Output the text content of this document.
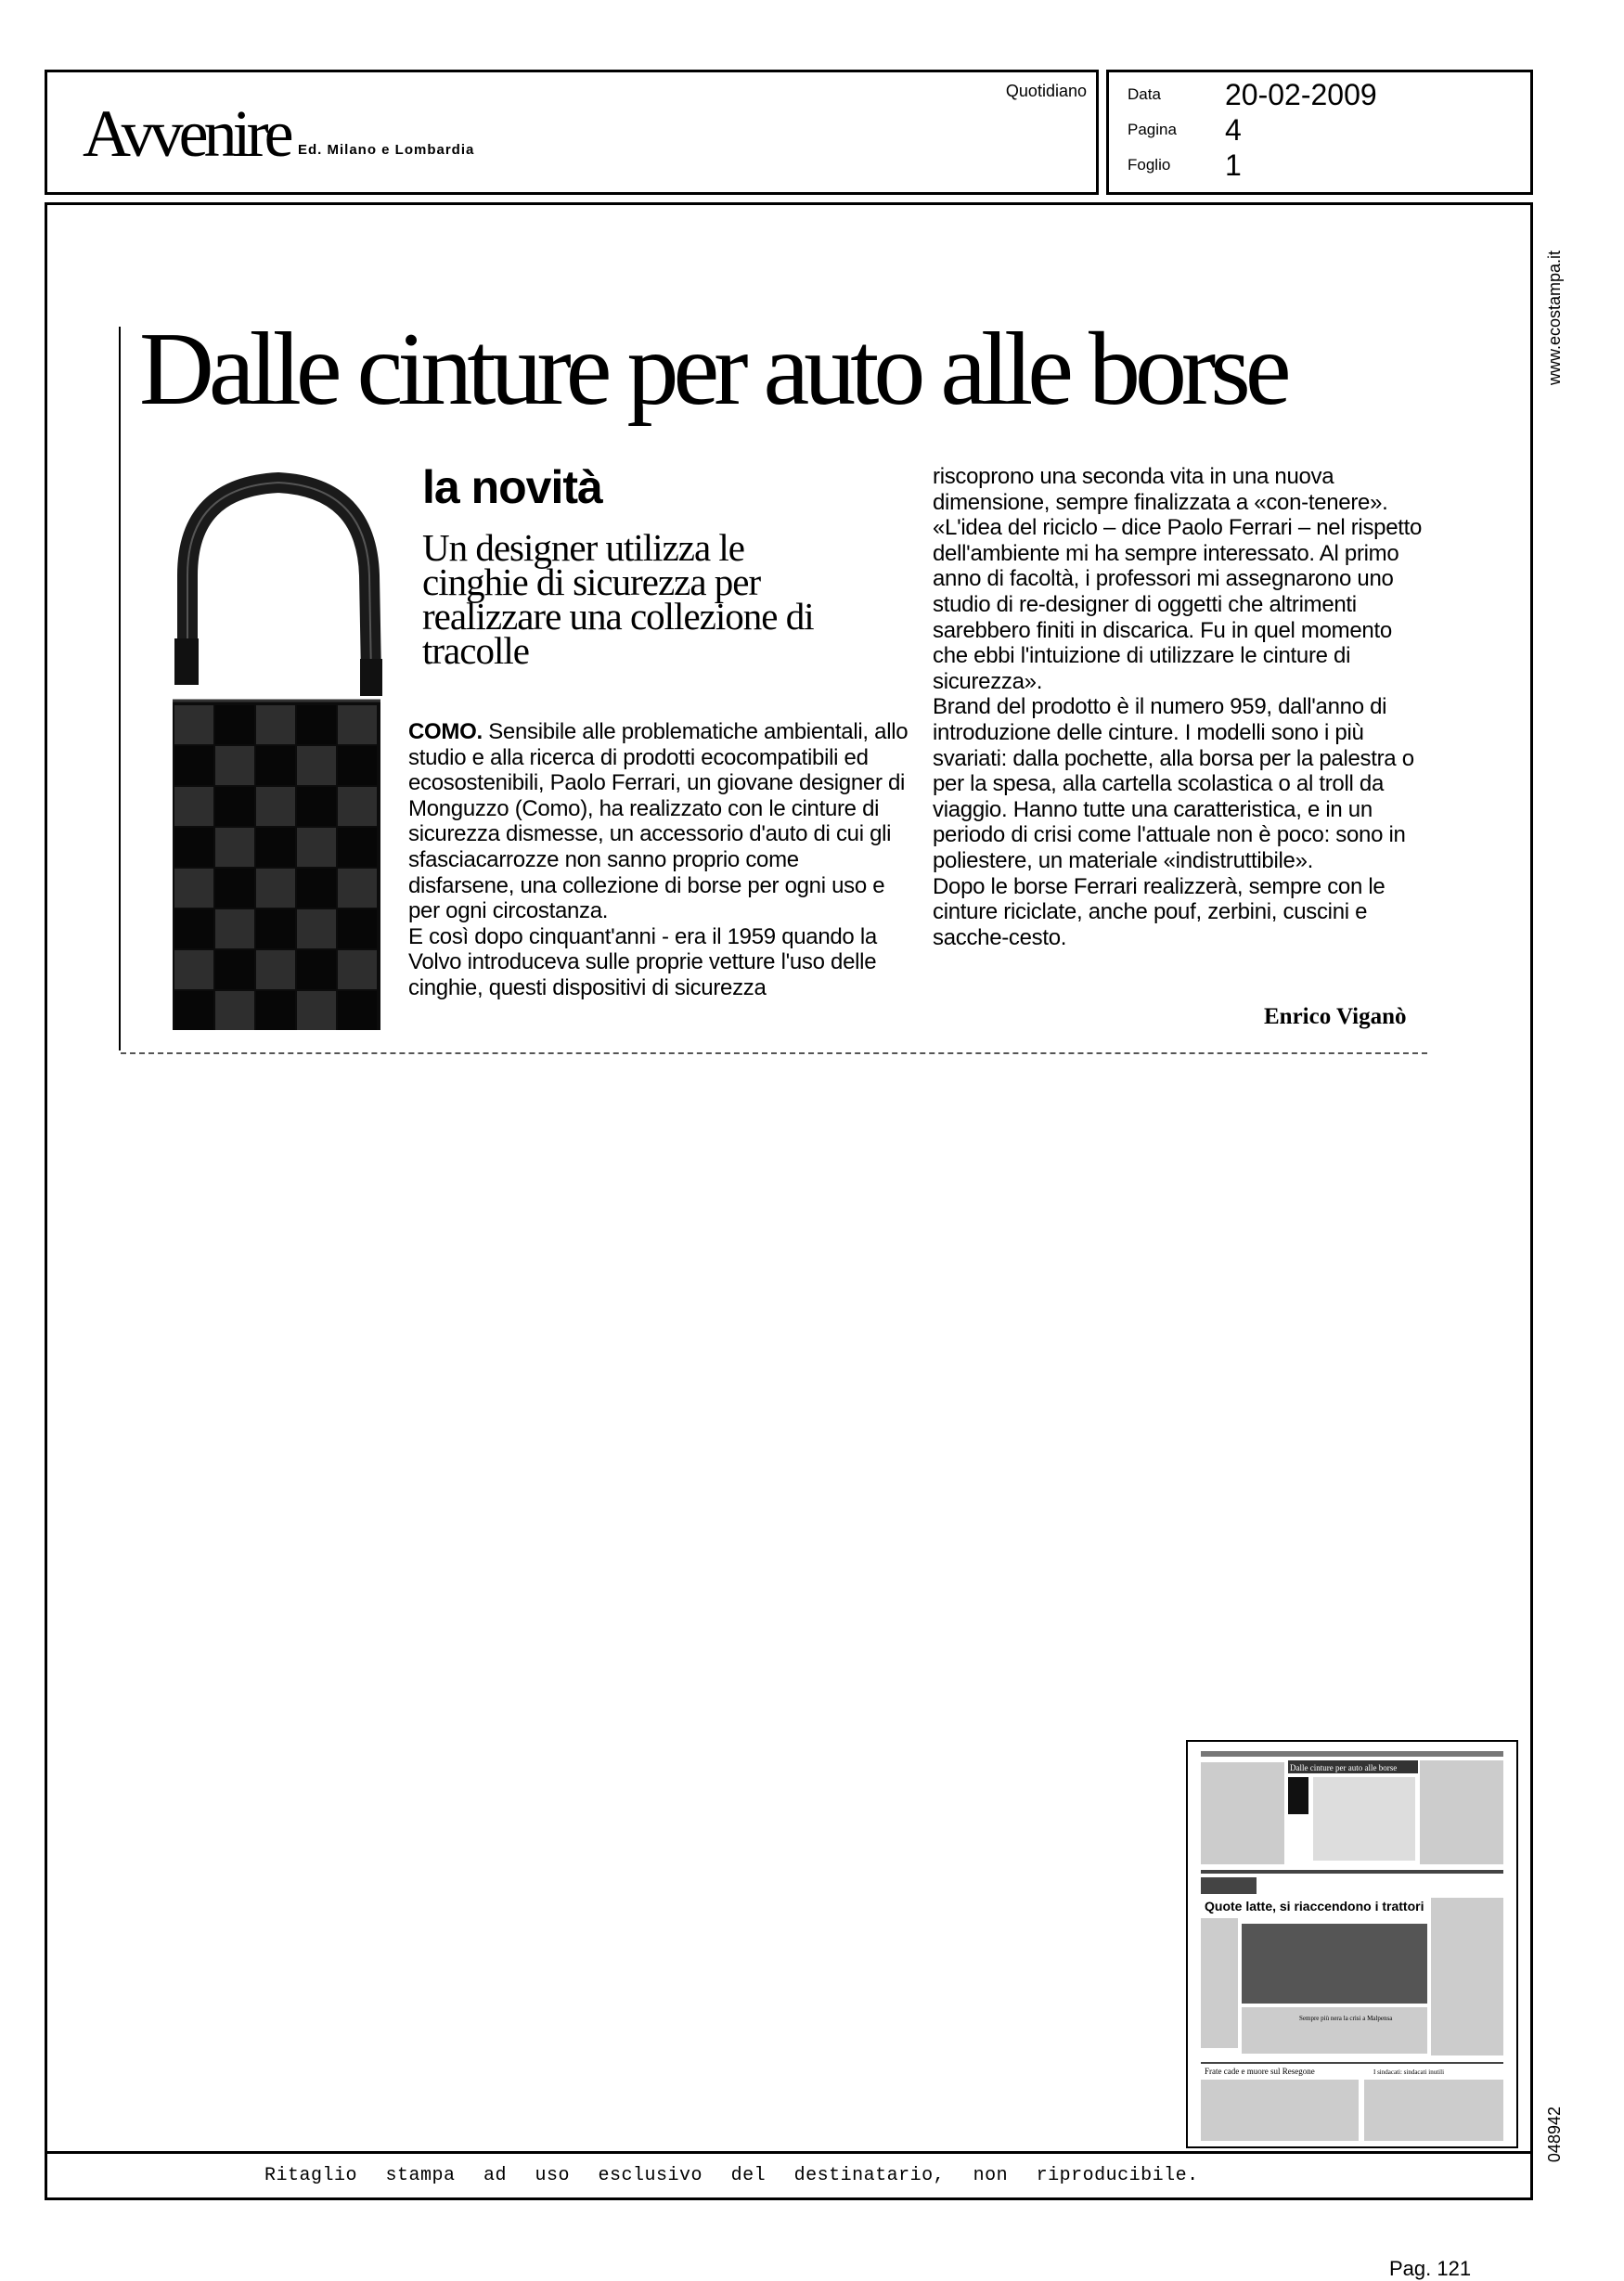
Avvenire Ed. Milano e Lombardia
Quotidiano	Data 20-02-2009
Pagina 4
Foglio 1
www.ecostampa.it
048942
Dalle cinture per auto alle borse
la novità
Un designer utilizza le cinghie di sicurezza per realizzare una collezione di tracolle

COMO. Sensibile alle problematiche ambientali, allo studio e alla ricerca di prodotti ecocompatibili ed ecosostenibili, Paolo Ferrari, un giovane designer di Monguzzo (Como), ha realizzato con le cinture di sicurezza dismesse, un accessorio d'auto di cui gli sfasciacarrozze non sanno proprio come disfarsene, una collezione di borse per ogni uso e per ogni circostanza.

E così dopo cinquant'anni - era il 1959 quando la Volvo introduceva sulle proprie vetture l'uso delle cinghie, questi dispositivi di sicurezza

riscoprono una seconda vita in una nuova dimensione, sempre finalizzata a «con-tenere». «L'idea del riciclo – dice Paolo Ferrari – nel rispetto dell'ambiente mi ha sempre interessato. Al primo anno di facoltà, i professori mi assegnarono uno studio di re-designer di oggetti che altrimenti sarebbero finiti in discarica. Fu in quel momento che ebbi l'intuizione di utilizzare le cinture di sicurezza».

Brand del prodotto è il numero 959, dall'anno di introduzione delle cinture. I modelli sono i più svariati: dalla pochette, alla borsa per la palestra o per la spesa, alla cartella scolastica o al troll da viaggio. Hanno tutte una caratteristica, e in un periodo di crisi come l'attuale non è poco: sono in poliestere, un materiale «indistruttibile».

Dopo le borse Ferrari realizzerà, sempre con le cinture riciclate, anche pouf, zerbini, cuscini e sacche-cesto.

Enrico Viganò
Dalle cinture per auto alle borse
Quote latte, si riaccendono i trattori
Sempre più nera la crisi a Malpensa
Frate cade e muore sul Resegone	I sindacati: sindacati inutili
Ritaglio stampa ad uso esclusivo del destinatario, non riproducibile.
Pag. 121
